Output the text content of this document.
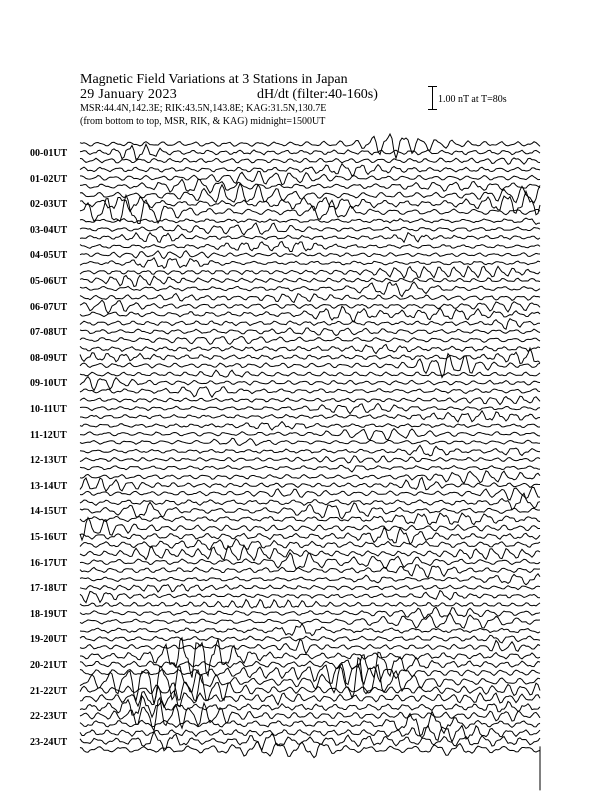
Magnetic Field Variations at 3 Stations in Japan
29 January 2023	dH/dt (filter:40-160s)
MSR:44.4N,142.3E; RIK:43.5N,143.8E; KAG:31.5N,130.7E
(from bottom to top, MSR, RIK, & KAG) midnight=1500UT
1.00 nT at T=80s
00-01UT
01-02UT
02-03UT
03-04UT
04-05UT
05-06UT
06-07UT
07-08UT
08-09UT
09-10UT
10-11UT
11-12UT
12-13UT
13-14UT
14-15UT
15-16UT
16-17UT
17-18UT
18-19UT
19-20UT
20-21UT
21-22UT
22-23UT
23-24UT
